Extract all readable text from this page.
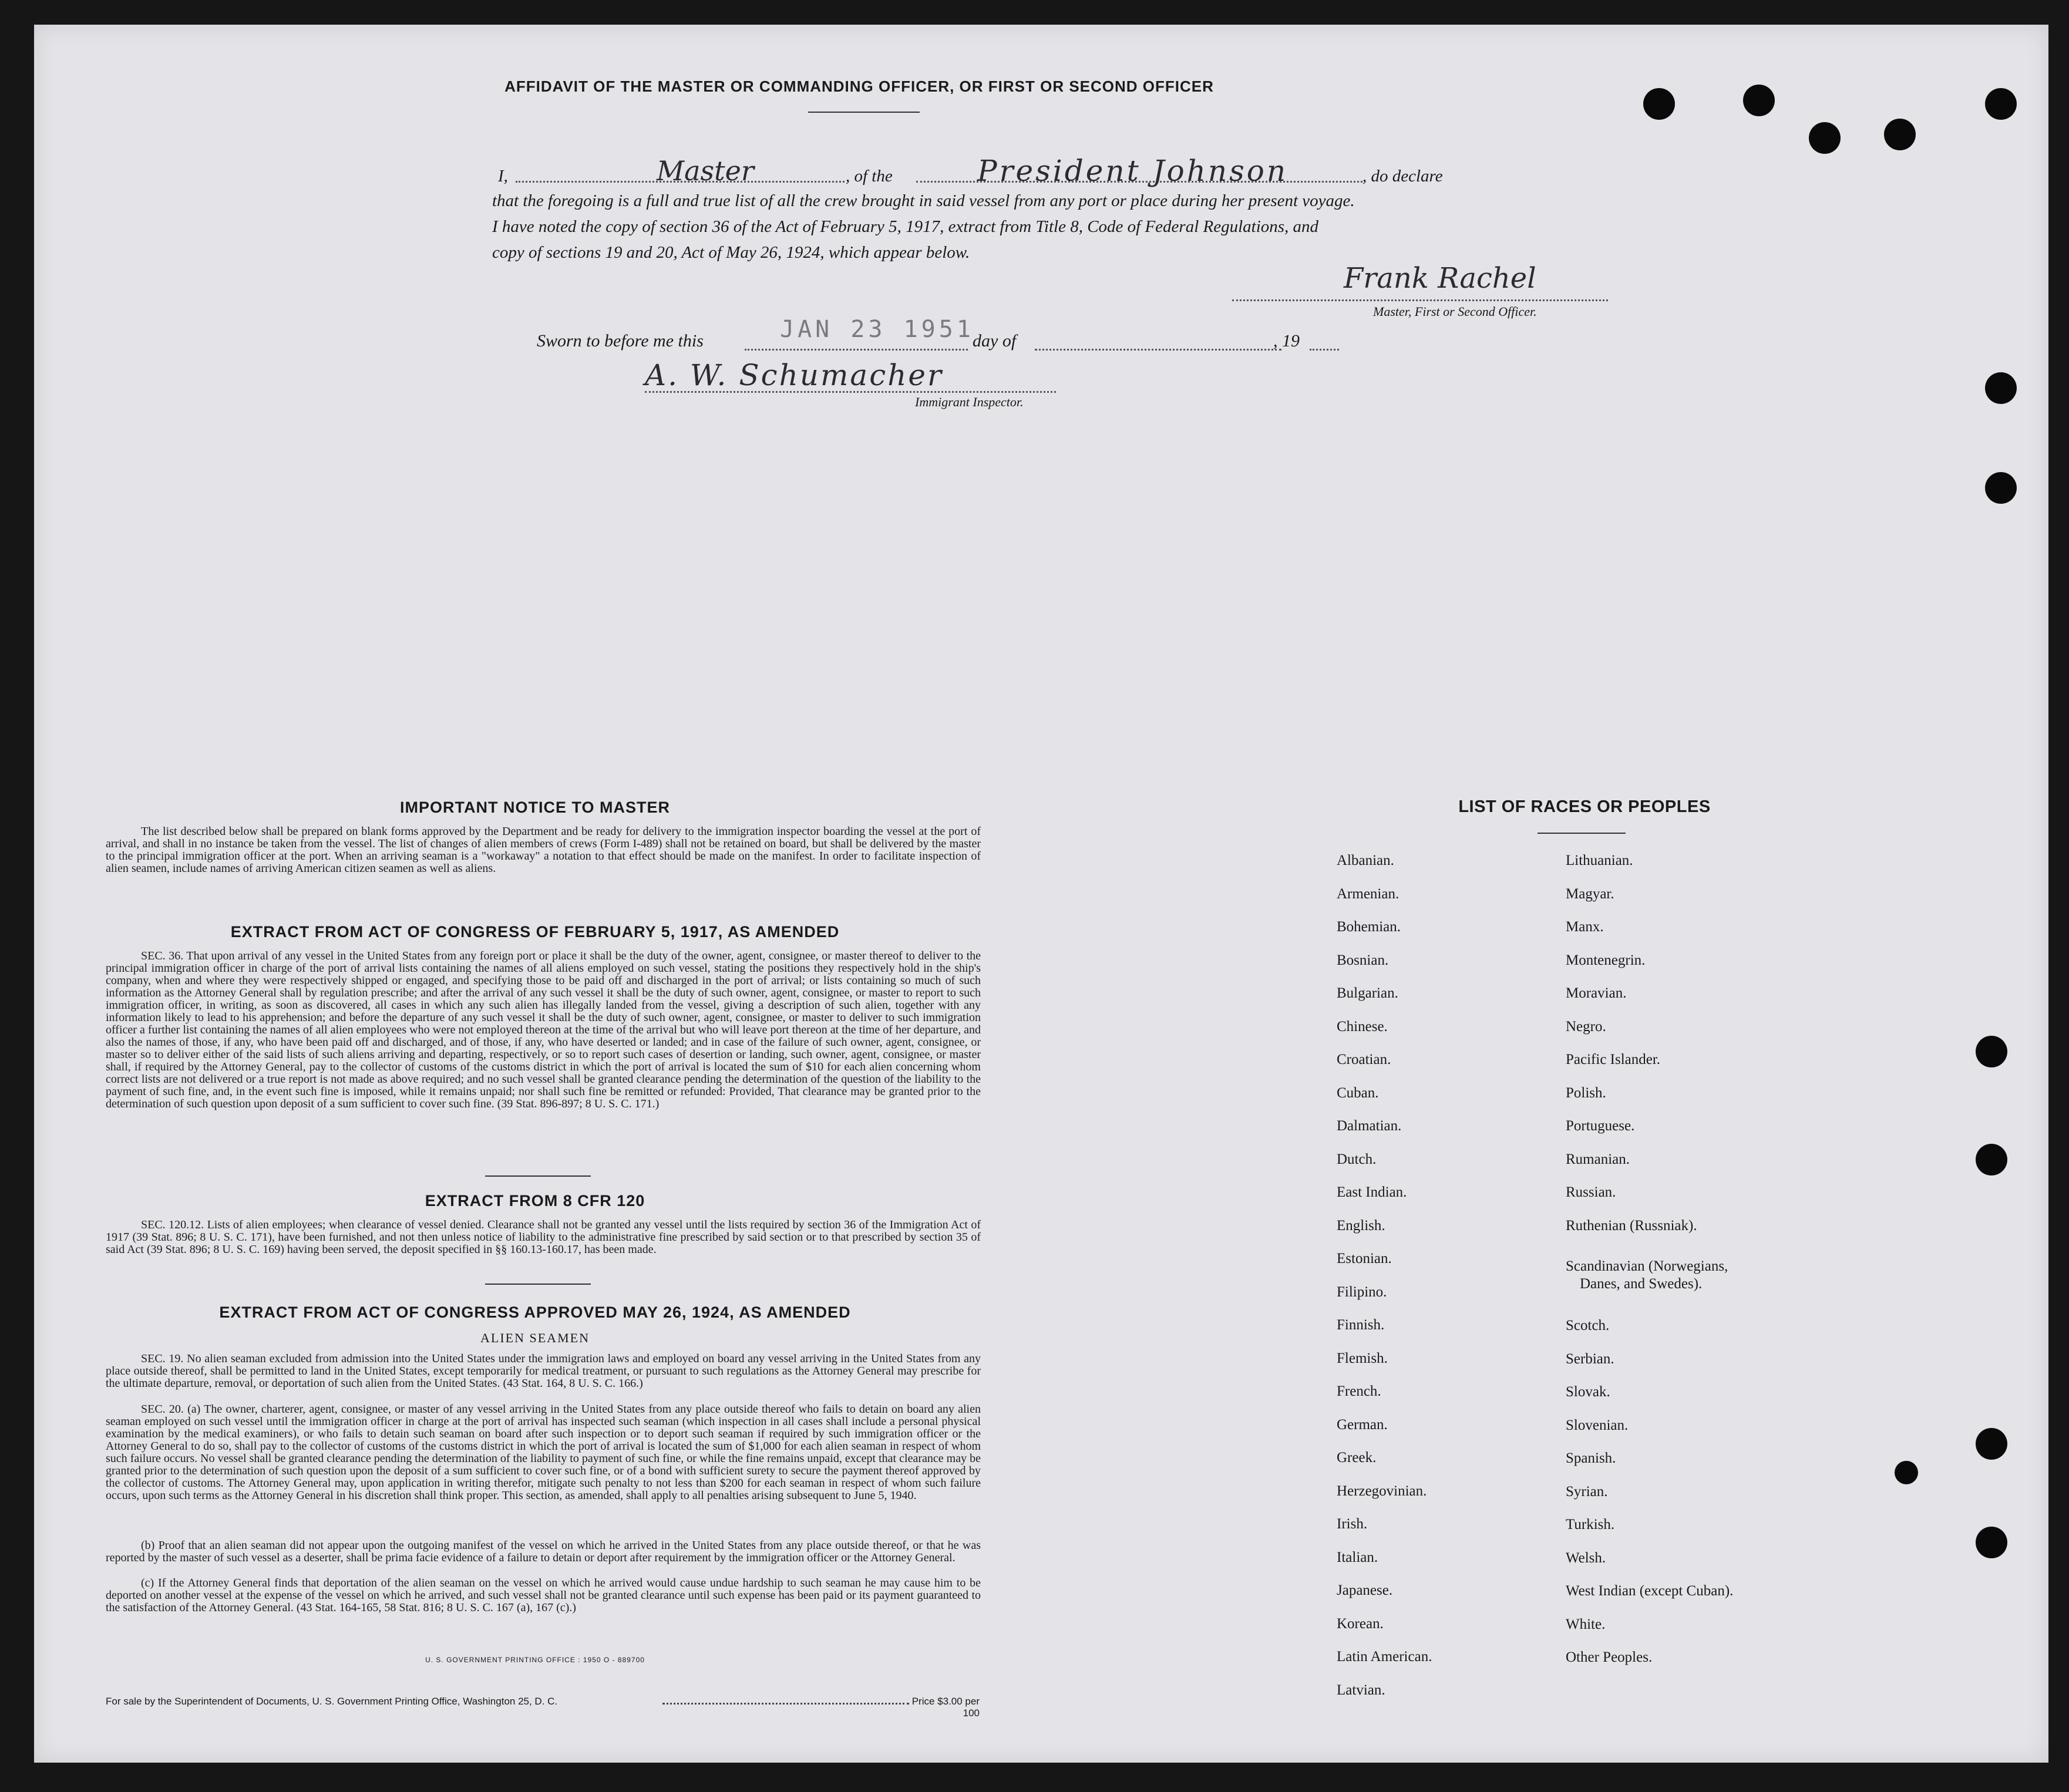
AFFIDAVIT OF THE MASTER OR COMMANDING OFFICER, OR FIRST OR SECOND OFFICER
I,	Master	, of the	President Johnson	, do declare
that the foregoing is a full and true list of all the crew brought in said vessel from any port or place during her present voyage.
I have noted the copy of section 36 of the Act of February 5, 1917, extract from Title 8, Code of Federal Regulations, and
copy of sections 19 and 20, Act of May 26, 1924, which appear below.
Frank Rachel
Master, First or Second Officer.
Sworn to before me this	JAN 23 1951
day of	, 19
A. W. Schumacher
Immigrant Inspector.
IMPORTANT NOTICE TO MASTER
The list described below shall be prepared on blank forms approved by the Department and be ready for delivery to the immigration inspector boarding the vessel at the port of arrival, and shall in no instance be taken from the vessel. The list of changes of alien members of crews (Form I-489) shall not be retained on board, but shall be delivered by the master to the principal immigration officer at the port. When an arriving seaman is a "workaway" a notation to that effect should be made on the manifest. In order to facilitate inspection of alien seamen, include names of arriving American citizen seamen as well as aliens.
EXTRACT FROM ACT OF CONGRESS OF FEBRUARY 5, 1917, AS AMENDED
SEC. 36. That upon arrival of any vessel in the United States from any foreign port or place it shall be the duty of the owner, agent, consignee, or master thereof to deliver to the principal immigration officer in charge of the port of arrival lists containing the names of all aliens employed on such vessel, stating the positions they respectively hold in the ship's company, when and where they were respectively shipped or engaged, and specifying those to be paid off and discharged in the port of arrival; or lists containing so much of such information as the Attorney General shall by regulation prescribe; and after the arrival of any such vessel it shall be the duty of such owner, agent, consignee, or master to report to such immigration officer, in writing, as soon as discovered, all cases in which any such alien has illegally landed from the vessel, giving a description of such alien, together with any information likely to lead to his apprehension; and before the departure of any such vessel it shall be the duty of such owner, agent, consignee, or master to deliver to such immigration officer a further list containing the names of all alien employees who were not employed thereon at the time of the arrival but who will leave port thereon at the time of her departure, and also the names of those, if any, who have been paid off and discharged, and of those, if any, who have deserted or landed; and in case of the failure of such owner, agent, consignee, or master so to deliver either of the said lists of such aliens arriving and departing, respectively, or so to report such cases of desertion or landing, such owner, agent, consignee, or master shall, if required by the Attorney General, pay to the collector of customs of the customs district in which the port of arrival is located the sum of $10 for each alien concerning whom correct lists are not delivered or a true report is not made as above required; and no such vessel shall be granted clearance pending the determination of the question of the liability to the payment of such fine, and, in the event such fine is imposed, while it remains unpaid; nor shall such fine be remitted or refunded: Provided, That clearance may be granted prior to the determination of such question upon deposit of a sum sufficient to cover such fine. (39 Stat. 896-897; 8 U. S. C. 171.)
EXTRACT FROM 8 CFR 120
SEC. 120.12. Lists of alien employees; when clearance of vessel denied. Clearance shall not be granted any vessel until the lists required by section 36 of the Immigration Act of 1917 (39 Stat. 896; 8 U. S. C. 171), have been furnished, and not then unless notice of liability to the administrative fine prescribed by said section or to that prescribed by section 35 of said Act (39 Stat. 896; 8 U. S. C. 169) having been served, the deposit specified in §§ 160.13-160.17, has been made.
EXTRACT FROM ACT OF CONGRESS APPROVED MAY 26, 1924, AS AMENDED
ALIEN SEAMEN
SEC. 19. No alien seaman excluded from admission into the United States under the immigration laws and employed on board any vessel arriving in the United States from any place outside thereof, shall be permitted to land in the United States, except temporarily for medical treatment, or pursuant to such regulations as the Attorney General may prescribe for the ultimate departure, removal, or deportation of such alien from the United States. (43 Stat. 164, 8 U. S. C. 166.)
SEC. 20. (a) The owner, charterer, agent, consignee, or master of any vessel arriving in the United States from any place outside thereof who fails to detain on board any alien seaman employed on such vessel until the immigration officer in charge at the port of arrival has inspected such seaman (which inspection in all cases shall include a personal physical examination by the medical examiners), or who fails to detain such seaman on board after such inspection or to deport such seaman if required by such immigration officer or the Attorney General to do so, shall pay to the collector of customs of the customs district in which the port of arrival is located the sum of $1,000 for each alien seaman in respect of whom such failure occurs. No vessel shall be granted clearance pending the determination of the liability to payment of such fine, or while the fine remains unpaid, except that clearance may be granted prior to the determination of such question upon the deposit of a sum sufficient to cover such fine, or of a bond with sufficient surety to secure the payment thereof approved by the collector of customs. The Attorney General may, upon application in writing therefor, mitigate such penalty to not less than $200 for each seaman in respect of whom such failure occurs, upon such terms as the Attorney General in his discretion shall think proper. This section, as amended, shall apply to all penalties arising subsequent to June 5, 1940.
(b) Proof that an alien seaman did not appear upon the outgoing manifest of the vessel on which he arrived in the United States from any place outside thereof, or that he was reported by the master of such vessel as a deserter, shall be prima facie evidence of a failure to detain or deport after requirement by the immigration officer or the Attorney General.
(c) If the Attorney General finds that deportation of the alien seaman on the vessel on which he arrived would cause undue hardship to such seaman he may cause him to be deported on another vessel at the expense of the vessel on which he arrived, and such vessel shall not be granted clearance until such expense has been paid or its payment guaranteed to the satisfaction of the Attorney General. (43 Stat. 164-165, 58 Stat. 816; 8 U. S. C. 167 (a), 167 (c).)
U. S. GOVERNMENT PRINTING OFFICE : 1950 O - 889700
For sale by the Superintendent of Documents, U. S. Government Printing Office, Washington 25, D. C.	Price $3.00 per 100
LIST OF RACES OR PEOPLES
Albanian.
Armenian.
Bohemian.
Bosnian.
Bulgarian.
Chinese.
Croatian.
Cuban.
Dalmatian.
Dutch.
East Indian.
English.
Estonian.
Filipino.
Finnish.
Flemish.
French.
German.
Greek.
Herzegovinian.
Irish.
Italian.
Japanese.
Korean.
Latin American.
Latvian.
Lithuanian.
Magyar.
Manx.
Montenegrin.
Moravian.
Negro.
Pacific Islander.
Polish.
Portuguese.
Rumanian.
Russian.
Ruthenian (Russniak).
Scandinavian (Norwegians,
Danes, and Swedes).
Scotch.
Serbian.
Slovak.
Slovenian.
Spanish.
Syrian.
Turkish.
Welsh.
West Indian (except Cuban).
White.
Other Peoples.
